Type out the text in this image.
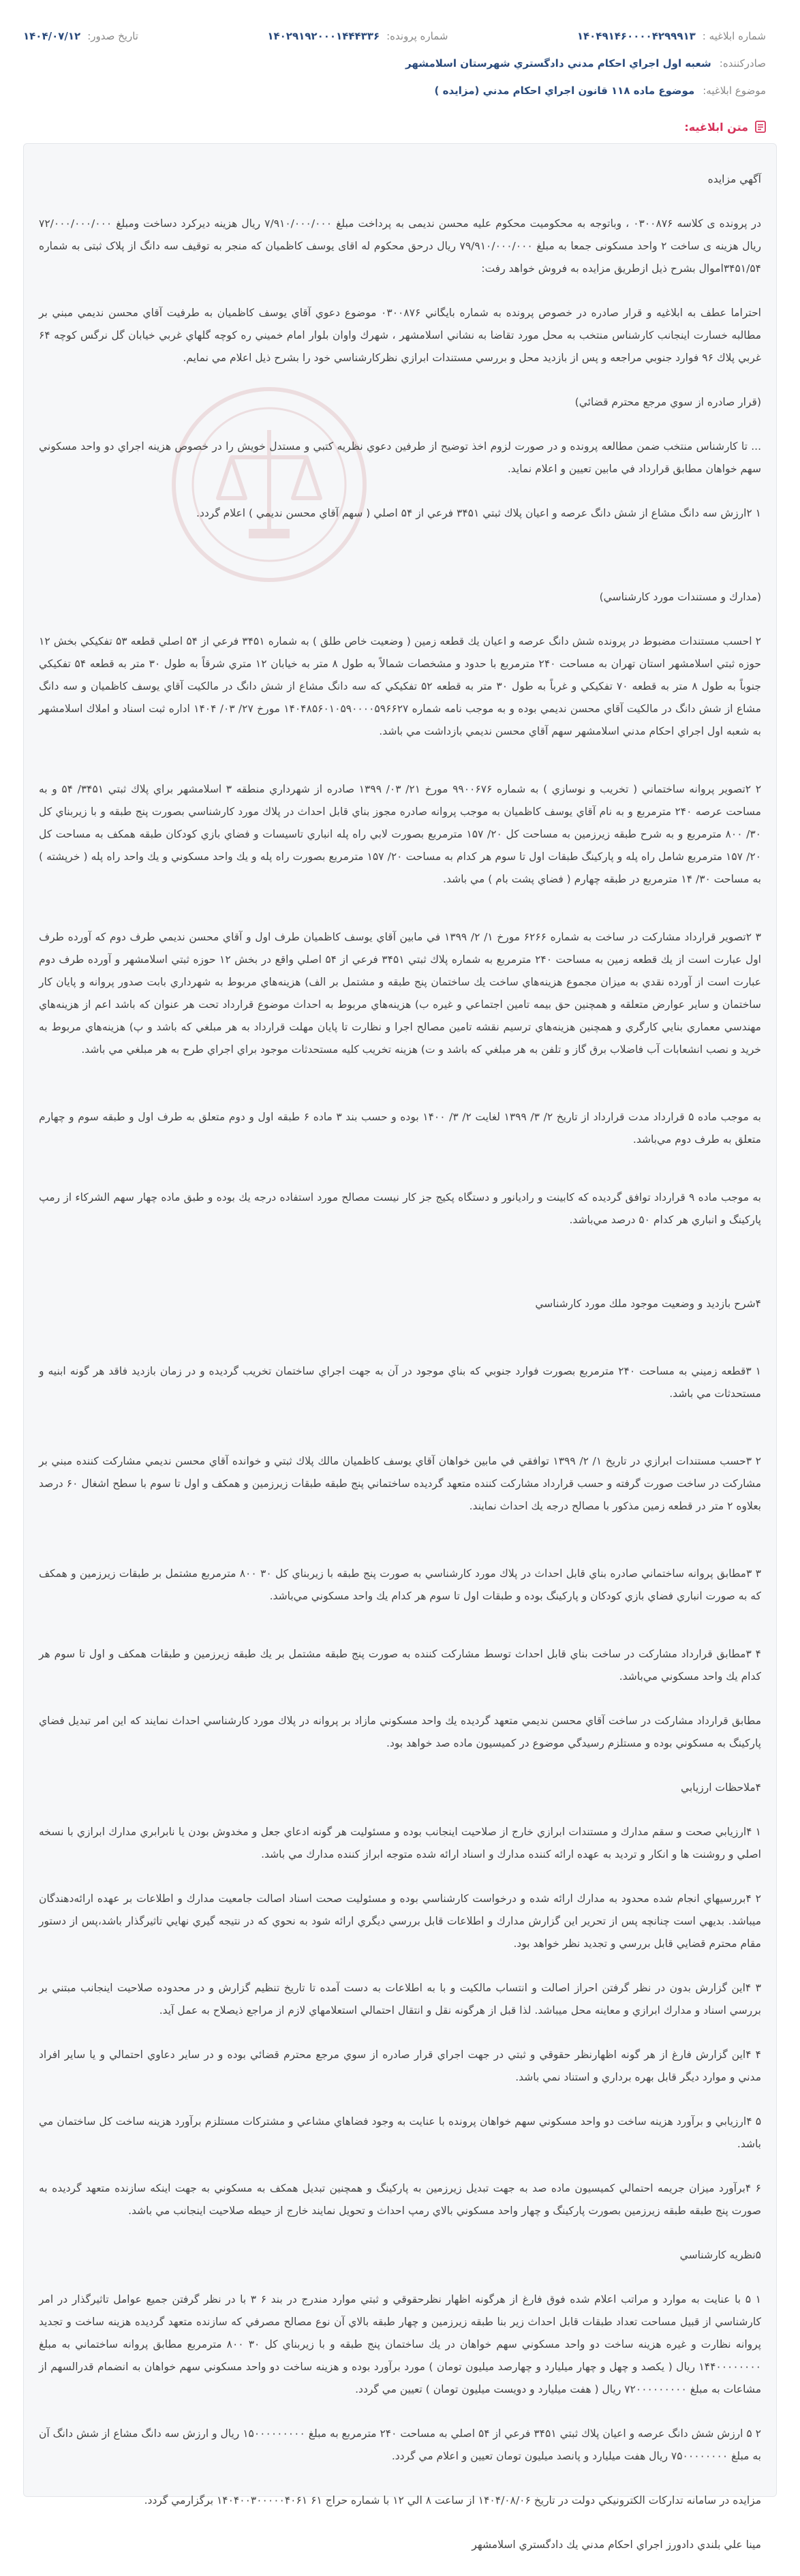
شماره ابلاغيه :
۱۴۰۴۹۱۴۶۰۰۰۰۴۲۹۹۹۱۳
شماره پرونده:
۱۴۰۲۹۱۹۲۰۰۰۱۴۴۴۳۳۶
تاريخ صدور:
۱۴۰۴/۰۷/۱۲
صادرکننده:
شعبه اول اجراي احکام مدني دادگستري شهرستان اسلامشهر
موضوع ابلاغيه:
موضوع ماده ۱۱۸ قانون اجراي احكام مدني (مزايده )
متن ابلاغيه:

آگهي مزايده

در پرونده ی کلاسه ۰۳۰۰۸۷۶ ، وباتوجه به محکومیت محکوم علیه محسن ندیمی به پرداخت مبلغ ۷/۹۱۰/۰۰۰/۰۰۰ ریال هزینه دیرکرد دساخت ومبلغ ۷۲/۰۰۰/۰۰۰/۰۰۰ ریال هزینه ی ساخت ۲ واحد مسکونی جمعا به مبلغ ۷۹/۹۱۰/۰۰۰/۰۰۰ ریال درحق محکوم له اقای یوسف کاظمیان که منجر به توقیف سه دانگ از پلاک ثبتی به شماره ۳۴۵۱/۵۴اموال بشرح ذیل ازطریق مزایده به فروش خواهد رفت:

احتراما عطف به ابلاغيه و قرار صادره در خصوص پرونده به شماره بايگاني ۰۳۰۰۸۷۶ موضوع دعوي آقاي يوسف كاظميان به طرفيت آقاي محسن نديمي مبني بر مطالبه خسارت اينجانب كارشناس منتخب به محل مورد تقاضا به نشاني اسلامشهر ، شهرك واوان بلوار امام خميني ره كوچه گلهاي غربي خيابان گل نرگس كوچه ۶۴ غربي پلاك ۹۶ فوارد جنوبي مراجعه و پس از بازديد محل و بررسي مستندات ابرازي نظركارشناسي خود را بشرح ذيل اعلام مي نمايم.

(قرار صادره از سوي مرجع محترم قضائي)

... تا كارشناس منتخب ضمن مطالعه پرونده و در صورت لزوم اخذ توضيح از طرفين دعوي نظريه كتبي و مستدل خويش را در خصوص هزينه اجراي دو واحد مسكوني سهم خواهان مطابق قرارداد في مابين تعيين و اعلام نمايد.

۱ ۲ارزش سه دانگ مشاع از شش دانگ عرصه و اعيان پلاك ثبتي ۳۴۵۱ فرعي از ۵۴ اصلي ( سهم آقاي محسن نديمي ) اعلام گردد.

(مدارك و مستندات مورد كارشناسي)

۲ احسب مستندات مضبوط در پرونده شش دانگ عرصه و اعيان يك قطعه زمين ( وضعيت خاص طلق ) به شماره ۳۴۵۱ فرعي از ۵۴ اصلي قطعه ۵۳ تفكيكي بخش ۱۲ حوزه ثبتي اسلامشهر استان تهران به مساحت ۲۴۰ مترمربع با حدود و مشخصات شمالاً به طول ۸ متر به خيابان ۱۲ متري شرقاً به طول ۳۰ متر به قطعه ۵۴ تفكيكي جنوباً به طول ۸ متر به قطعه ۷۰ تفكيكي و غرباً به طول ۳۰ متر به قطعه ۵۲ تفكيكي كه سه دانگ مشاع از شش دانگ در مالكيت آقاي يوسف كاظميان و سه دانگ مشاع از شش دانگ در مالكيت آقاي محسن نديمي بوده و به موجب نامه شماره ۱۴۰۴۸۵۶۰۱۰۵۹۰۰۰۰۵۹۶۶۲۷ مورخ ۲۷/ ۰۳/ ۱۴۰۴ اداره ثبت اسناد و املاك اسلامشهر به شعبه اول اجراي احكام مدني اسلامشهر سهم آقاي محسن نديمي بازداشت مي باشد.

۲ ۲تصوير پروانه ساختماني ( تخريب و نوسازي ) به شماره ۹۹۰۰۶۷۶ مورخ ۲۱/ ۰۳/ ۱۳۹۹ صادره از شهرداري منطقه ۳ اسلامشهر براي پلاك ثبتي ۳۴۵۱/ ۵۴ و به مساحت عرصه ۲۴۰ مترمربع و به نام آقاي يوسف كاظميان به موجب پروانه صادره مجوز بناي قابل احداث در پلاك مورد كارشناسي بصورت پنج طبقه و با زيربناي كل ۳۰/ ۸۰۰ مترمربع و به شرح طبقه زيرزمين به مساحت كل ۲۰/ ۱۵۷ مترمربع بصورت لابي راه پله انباري تاسيسات و فضاي بازي كودكان طبقه همكف به مساحت كل ۲۰/ ۱۵۷ مترمربع شامل راه پله و پاركينگ طبقات اول تا سوم هر كدام به مساحت ۲۰/ ۱۵۷ مترمربع بصورت راه پله و يك واحد مسكوني و يك واحد راه پله ( خرپشته ) به مساحت ۳۰/ ۱۴ مترمربع در طبقه چهارم ( فضاي پشت بام ) مي باشد.

۳ ۲تصوير قرارداد مشاركت در ساخت به شماره ۶۲۶۶ مورخ ۱/ ۲/ ۱۳۹۹ في مابين آقاي يوسف كاظميان طرف اول و آقاي محسن نديمي طرف دوم كه آورده طرف اول عبارت است از يك قطعه زمين به مساحت ۲۴۰ مترمربع به شماره پلاك ثبتي ۳۴۵۱ فرعي از ۵۴ اصلي واقع در بخش ۱۲ حوزه ثبتي اسلامشهر و آورده طرف دوم عبارت است از آورده نقدي به ميزان مجموع هزينه‌هاي ساخت يك ساختمان پنج طبقه و مشتمل بر الف) هزينه‌هاي مربوط به شهرداري بابت صدور پروانه و پايان كار ساختمان و ساير عوارض متعلقه و همچنين حق بيمه تامين اجتماعي و غيره ب) هزينه‌هاي مربوط به احداث موضوع قرارداد تحت هر عنوان كه باشد اعم از هزينه‌هاي مهندسي معماري بنايي كارگري و همچنين هزينه‌هاي ترسيم نقشه تامين مصالح اجرا و نظارت تا پايان مهلت قرارداد به هر مبلغي كه باشد و پ) هزينه‌هاي مربوط به خريد و نصب انشعابات آب فاضلاب برق گاز و تلفن به هر مبلغي كه باشد و ت) هزينه تخريب كليه مستحدثات موجود براي اجراي طرح به هر مبلغي مي باشد.

به موجب ماده ۵ قرارداد مدت قرارداد از تاريخ ۲/ ۳/ ۱۳۹۹ لغايت ۲/ ۳/ ۱۴۰۰ بوده و حسب بند ۳ ماده ۶ طبقه اول و دوم متعلق به طرف اول و طبقه سوم و چهارم متعلق به طرف دوم مي‌باشد.

به موجب ماده ۹ قرارداد توافق گرديده كه كابينت و راديانور و دستگاه پكيج جز كار نيست مصالح مورد استفاده درجه يك بوده و طبق ماده چهار سهم الشركاء از رمپ پاركينگ و انباري هر كدام ۵۰ درصد مي‌باشد.

۴شرح بازديد و وضعيت موجود ملك مورد كارشناسي

۱ ۳قطعه زميني به مساحت ۲۴۰ مترمربع بصورت فوارد جنوبي كه بناي موجود در آن به جهت اجراي ساختمان تخريب گرديده و در زمان بازديد فاقد هر گونه ابنيه و مستحدثات مي باشد.

۲ ۳حسب مستندات ابرازي در تاريخ ۱/ ۲/ ۱۳۹۹ توافقي في مابين خواهان آقاي يوسف كاظميان مالك پلاك ثبتي و خوانده آقاي محسن نديمي مشاركت كننده مبني بر مشاركت در ساخت صورت گرفته و حسب قرارداد مشاركت كننده متعهد گرديده ساختماني پنج طبقه طبقات زيرزمين و همكف و اول تا سوم با سطح اشغال ۶۰ درصد بعلاوه ۲ متر در قطعه زمين مذكور با مصالح درجه يك احداث نمايند.

۳ ۳مطابق پروانه ساختماني صادره بناي قابل احداث در پلاك مورد كارشناسي به صورت پنج طبقه با زيربناي كل ۳۰ ۸۰۰ مترمربع مشتمل بر طبقات زيرزمين و همكف كه به صورت انباري فضاي بازي كودكان و پاركينگ بوده و طبقات اول تا سوم هر كدام يك واحد مسكوني مي‌باشد.

۴ ۳مطابق قرارداد مشاركت در ساخت بناي قابل احداث توسط مشاركت كننده به صورت پنج طبقه مشتمل بر يك طبقه زيرزمين و طبقات همكف و اول تا سوم هر كدام يك واحد مسكوني مي‌باشد.

مطابق قرارداد مشاركت در ساخت آقاي محسن نديمي متعهد گرديده يك واحد مسكوني مازاد بر پروانه در پلاك مورد كارشناسي احداث نمايند كه اين امر تبديل فضاي پاركينگ به مسكوني بوده و مستلزم رسيدگي موضوع در كميسيون ماده صد خواهد بود.

۴ملاحظات ارزيابي

۱ ۴ارزيابي صحت و سقم مدارك و مستندات ابرازي خارج از صلاحيت اينجانب بوده و مسئوليت هر گونه ادعاي جعل و مخدوش بودن يا نابرابري مدارك ابرازي با نسخه اصلي و روشنت ها و انكار و ترديد به عهده ارائه كننده مدارك و اسناد ارائه شده متوجه ابراز كننده مدارك مي باشد.

۲ ۴بررسيهاي انجام شده محدود به مدارك ارائه شده و درخواست كارشناسي بوده و مسئوليت صحت اسناد اصالت جامعيت مدارك و اطلاعات بر عهده ارائه‌دهندگان ميباشد. بديهي است چنانچه پس از تحرير اين گزارش مدارك و اطلاعات قابل بررسي ديگري ارائه شود به نحوي كه در نتيجه گيري نهايي تاثيرگذار باشد،پس از دستور مقام محترم قضايي قابل بررسي و تجديد نظر خواهد بود.

۳ ۴اين گزارش بدون در نظر گرفتن احراز اصالت و انتساب مالكيت و با به اطلاعات به دست آمده تا تاريخ تنظيم گزارش و در محدوده صلاحيت اينجانب مبتني بر بررسي اسناد و مدارك ابرازي و معاينه محل ميباشد. لذا قبل از هرگونه نقل و انتقال احتمالي استعلامهاي لازم از مراجع ذيصلاح به عمل آيد.

۴ ۴اين گزارش فارغ از هر گونه اظهارنظر حقوقي و ثبتي در جهت اجراي قرار صادره از سوي مرجع محترم قضائي بوده و در ساير دعاوي احتمالي و يا ساير افراد مدني و موارد ديگر قابل بهره برداري و استناد نمي باشد.

۵ ۴ارزيابي و برآورد هزينه ساخت دو واحد مسكوني سهم خواهان پرونده با عنايت به وجود فضاهاي مشاعي و مشتركات مستلزم برآورد هزينه ساخت كل ساختمان مي باشد.

۶ ۴برآورد ميزان جريمه احتمالي كميسيون ماده صد به جهت تبديل زيرزمين به پاركينگ و همچنين تبديل همكف به مسكوني به جهت اينكه سازنده متعهد گرديده به صورت پنج طبقه طبقه زيرزمين بصورت پاركينگ و چهار واحد مسكوني بالاي رمپ احداث و تحويل نمايند خارج از حيطه صلاحيت اينجانب مي باشد.

۵نظريه كارشناسي

۱ ۵ با عنايت به موارد و مراتب اعلام شده فوق فارغ از هرگونه اظهار نظرحقوقي و ثبتي موارد مندرج در بند ۶ ۳ با در نظر گرفتن جميع عوامل تاثيرگذار در امر كارشناسي از قبيل مساحت تعداد طبقات قابل احداث زير بنا طبقه زيرزمين و چهار طبقه بالاي آن نوع مصالح مصرفي كه سازنده متعهد گرديده هزينه ساخت و تجديد پروانه نظارت و غيره هزينه ساخت دو واحد مسكوني سهم خواهان در يك ساختمان پنج طبقه و با زيربناي كل ۳۰ ۸۰۰ مترمربع مطابق پروانه ساختماني به مبلغ ۱۴۴۰۰۰۰۰۰۰۰ ريال ( يكصد و چهل و چهار ميليارد و چهارصد ميليون تومان ) مورد برآورد بوده و هزينه ساخت دو واحد مسكوني سهم خواهان به انضمام قدرالسهم از مشاعات به مبلغ ۷۲۰۰۰۰۰۰۰۰۰ ريال ( هفت ميليارد و دويست ميليون تومان ) تعيين مي گردد.

۲ ۵ ارزش شش دانگ عرصه و اعيان پلاك ثبتي ۳۴۵۱ فرعي از ۵۴ اصلي به مساحت ۲۴۰ مترمربع به مبلغ ۱۵۰۰۰۰۰۰۰۰۰ ريال و ارزش سه دانگ مشاع از شش دانگ آن به مبلغ ۷۵۰۰۰۰۰۰۰۰ ريال هفت ميليارد و پانصد ميليون تومان تعيين و اعلام مي گردد.

مزايده در سامانه تداركات الكترونيكي دولت در تاريخ ۱۴۰۴/۰۸/۰۶ از ساعت ۸ الي ۱۲ با شماره حراج ۶۱ ۱۴۰۴۰۰۳۰۰۰۰۰۴۰۶۱ برگزارمي گردد.

مينا علي بلندي دادورز اجراي احكام مدني يك دادگستري اسلامشهر
